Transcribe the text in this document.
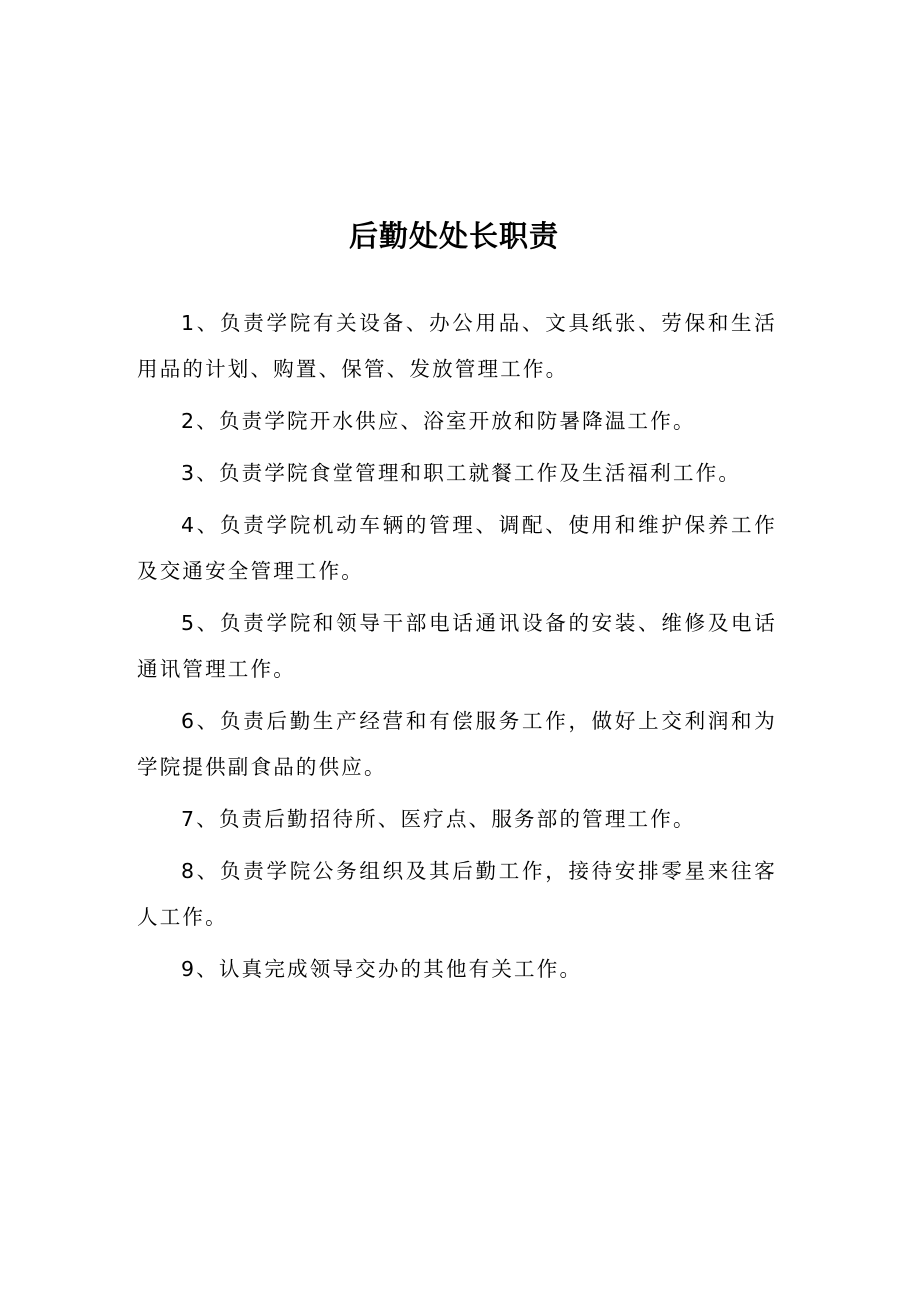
后勤处处长职责
1、负责学院有关设备、办公用品、文具纸张、劳保和生活用品的计划、购置、保管、发放管理工作。
2、负责学院开水供应、浴室开放和防暑降温工作。
3、负责学院食堂管理和职工就餐工作及生活福利工作。
4、负责学院机动车辆的管理、调配、使用和维护保养工作及交通安全管理工作。
5、负责学院和领导干部电话通讯设备的安装、维修及电话通讯管理工作。
6、负责后勤生产经营和有偿服务工作，做好上交利润和为学院提供副食品的供应。
7、负责后勤招待所、医疗点、服务部的管理工作。
8、负责学院公务组织及其后勤工作，接待安排零星来往客人工作。
9、认真完成领导交办的其他有关工作。
